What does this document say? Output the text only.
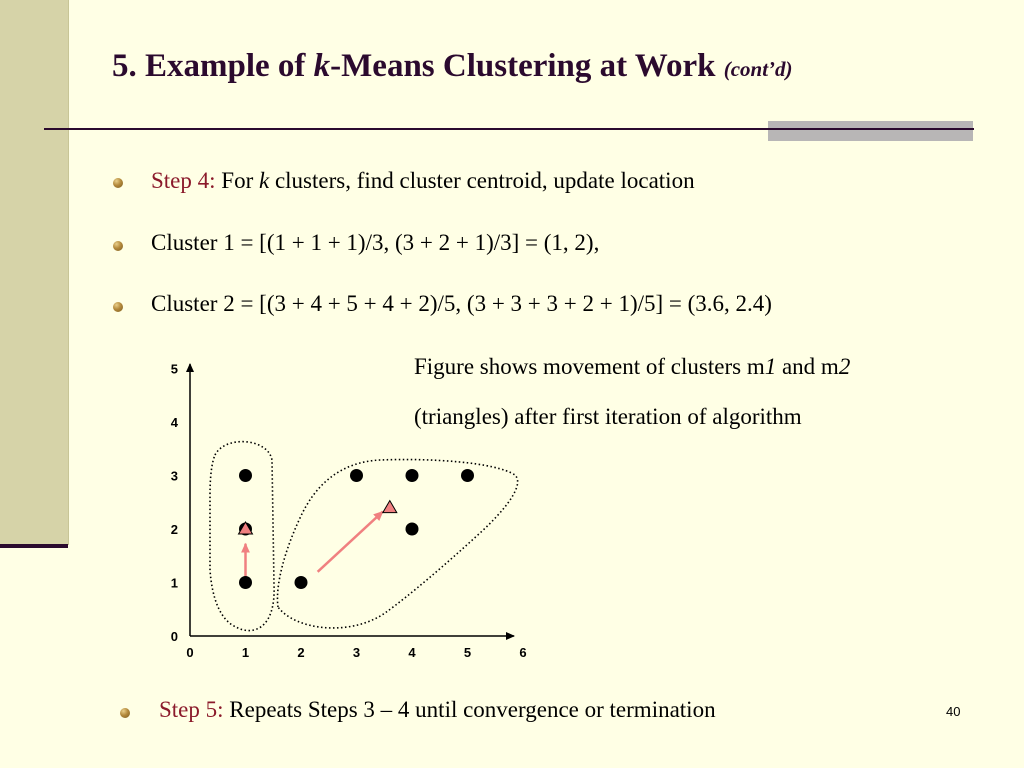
5. Example of k-Means Clustering at Work (cont’d)
Step 4: For k clusters, find cluster centroid, update location
Cluster 1 = [(1 + 1 + 1)/3, (3 + 2 + 1)/3] = (1, 2),
Cluster 2 = [(3 + 4 + 5 + 4 + 2)/5, (3 + 3 + 3 + 2 + 1)/5] = (3.6, 2.4)
Figure shows movement of clusters m1 and m2
(triangles) after first iteration of algorithm
0	1	2	3	4	5	6
0
1
2
3
4
5
Step 5: Repeats Steps 3 – 4 until convergence or termination	40
